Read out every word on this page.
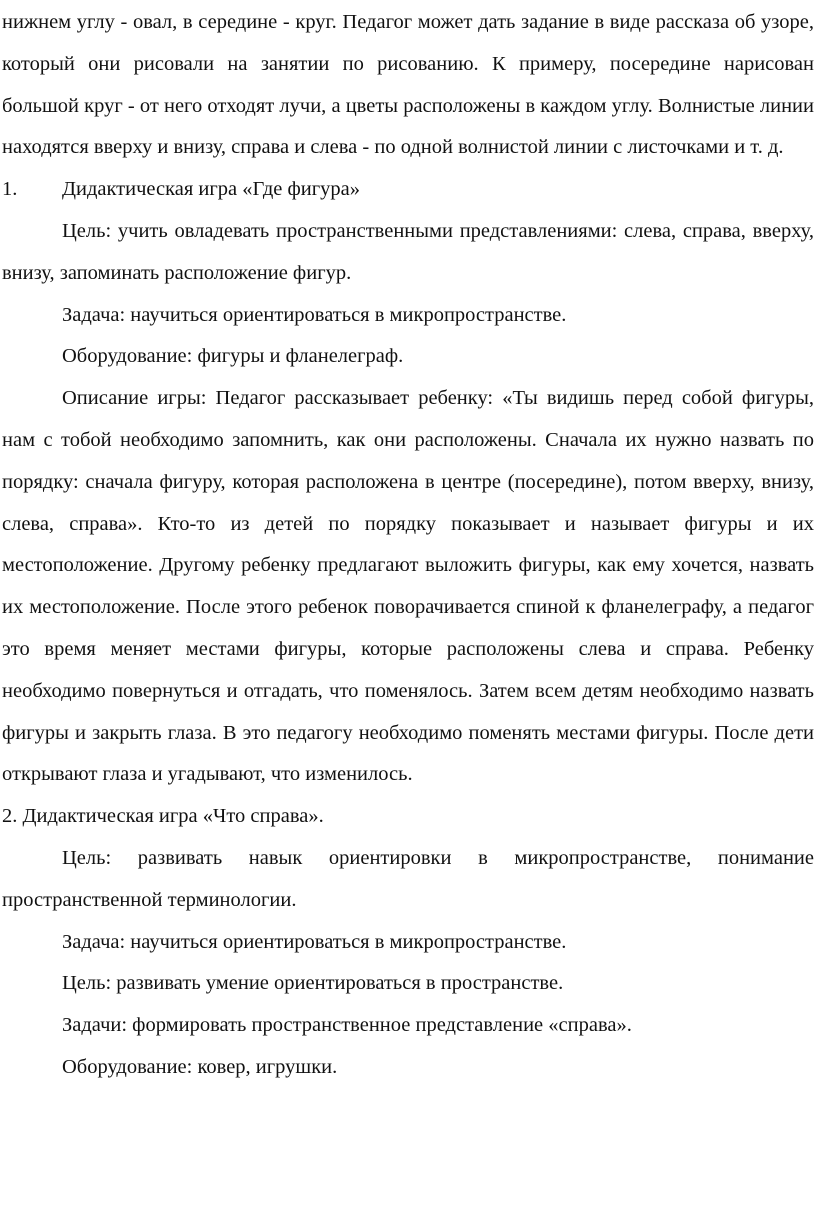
нижнем углу - овал, в середине - круг. Педагог может дать задание в виде рассказа об узоре, который они рисовали на занятии по рисованию. К примеру, посередине нарисован большой круг - от него отходят лучи, а цветы расположены в каждом углу. Волнистые линии находятся вверху и внизу, справа и слева - по одной волнистой линии с листочками и т. д.

1. Дидактическая игра «Где фигура»

Цель: учить овладевать пространственными представлениями: слева, справа, вверху, внизу, запоминать расположение фигур.

Задача: научиться ориентироваться в микропространстве.

Оборудование: фигуры и фланелеграф.

Описание игры: Педагог рассказывает ребенку: «Ты видишь перед собой фигуры, нам с тобой необходимо запомнить, как они расположены. Сначала их нужно назвать по порядку: сначала фигуру, которая расположена в центре (посередине), потом вверху, внизу, слева, справа». Кто-то из детей по порядку показывает и называет фигуры и их местоположение. Другому ребенку предлагают выложить фигуры, как ему хочется, назвать их местоположение. После этого ребенок поворачивается спиной к фланелеграфу, а педагог это время меняет местами фигуры, которые расположены слева и справа. Ребенку необходимо повернуться и отгадать, что поменялось. Затем всем детям необходимо назвать фигуры и закрыть глаза. В это педагогу необходимо поменять местами фигуры. После дети открывают глаза и угадывают, что изменилось.

2. Дидактическая игра «Что справа».

Цель: развивать навык ориентировки в микропространстве, понимание пространственной терминологии.

Задача: научиться ориентироваться в микропространстве.

Цель: развивать умение ориентироваться в пространстве.

Задачи: формировать пространственное представление «справа».

Оборудование: ковер, игрушки.
